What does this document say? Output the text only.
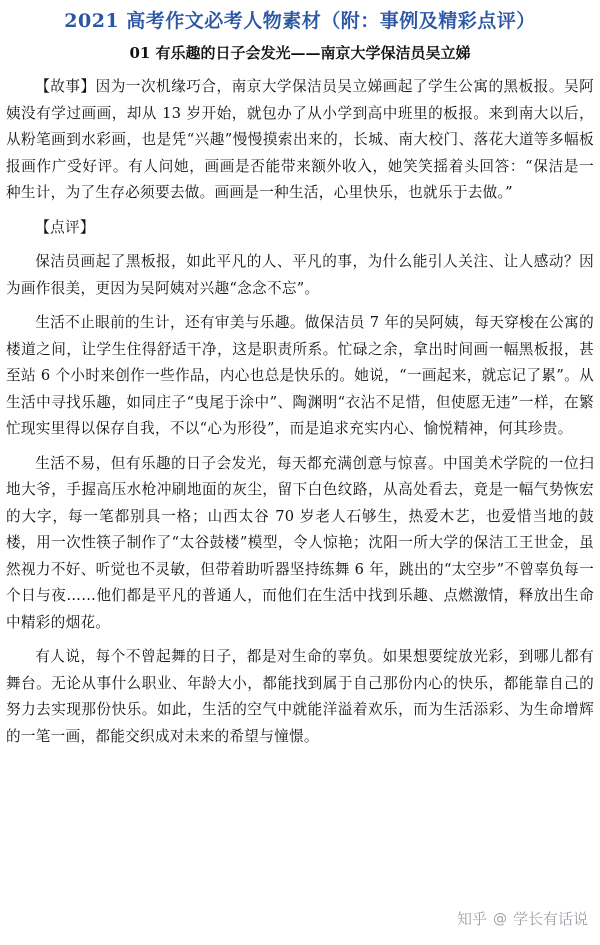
2021 高考作文必考人物素材（附：事例及精彩点评）
01 有乐趣的日子会发光——南京大学保洁员吴立娣

【故事】因为一次机缘巧合，南京大学保洁员吴立娣画起了学生公寓的黑板报。吴阿姨没有学过画画，却从 13 岁开始，就包办了从小学到高中班里的板报。来到南大以后，从粉笔画到水彩画，也是凭“兴趣”慢慢摸索出来的，长城、南大校门、落花大道等多幅板报画作广受好评。有人问她，画画是否能带来额外收入，她笑笑摇着头回答：“保洁是一种生计，为了生存必须要去做。画画是一种生活，心里快乐，也就乐于去做。”

【点评】

保洁员画起了黑板报，如此平凡的人、平凡的事，为什么能引人关注、让人感动？因为画作很美，更因为吴阿姨对兴趣“念念不忘”。

生活不止眼前的生计，还有审美与乐趣。做保洁员 7 年的吴阿姨，每天穿梭在公寓的楼道之间，让学生住得舒适干净，这是职责所系。忙碌之余，拿出时间画一幅黑板报，甚至站 6 个小时来创作一些作品，内心也总是快乐的。她说，“一画起来，就忘记了累”。从生活中寻找乐趣，如同庄子“曳尾于涂中”、陶渊明“衣沾不足惜，但使愿无违”一样，在繁忙现实里得以保存自我，不以“心为形役”，而是追求充实内心、愉悦精神，何其珍贵。

生活不易，但有乐趣的日子会发光，每天都充满创意与惊喜。中国美术学院的一位扫地大爷，手握高压水枪冲刷地面的灰尘，留下白色纹路，从高处看去，竟是一幅气势恢宏的大字，每一笔都别具一格；山西太谷 70 岁老人石够生，热爱木艺，也爱惜当地的鼓楼，用一次性筷子制作了“太谷鼓楼”模型，令人惊艳；沈阳一所大学的保洁工王世金，虽然视力不好、听觉也不灵敏，但带着助听器坚持练舞 6 年，跳出的“太空步”不曾辜负每一个日与夜……他们都是平凡的普通人，而他们在生活中找到乐趣、点燃激情，释放出生命中精彩的烟花。

有人说，每个不曾起舞的日子，都是对生命的辜负。如果想要绽放光彩，到哪儿都有舞台。无论从事什么职业、年龄大小，都能找到属于自己那份内心的快乐，都能靠自己的努力去实现那份快乐。如此，生活的空气中就能洋溢着欢乐，而为生活添彩、为生命增辉的一笔一画，都能交织成对未来的希望与憧憬。

知乎 @ 学长有话说
